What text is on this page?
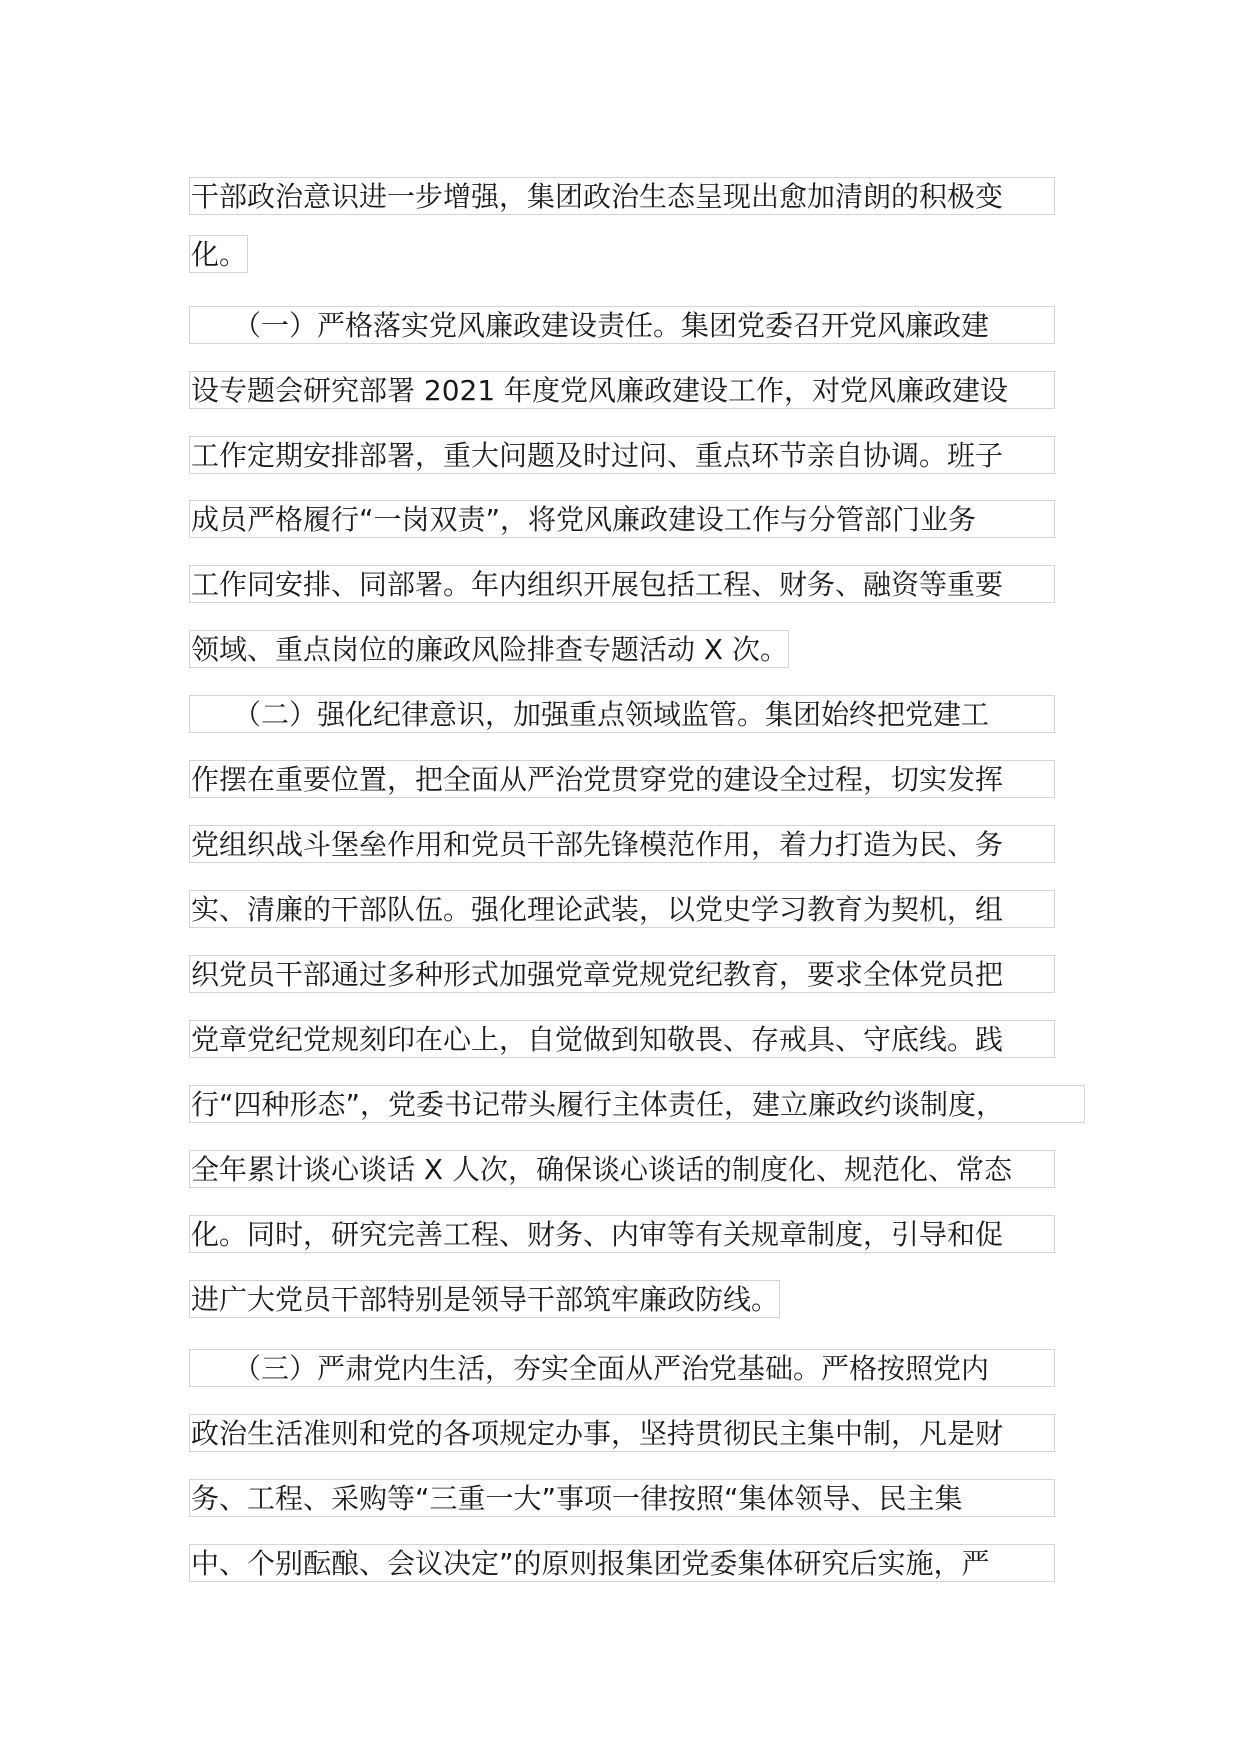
干部政治意识进一步增强，集团政治生态呈现出愈加清朗的积极变
化。
　　（一）严格落实党风廉政建设责任。集团党委召开党风廉政建
设专题会研究部署 2021 年度党风廉政建设工作，对党风廉政建设
工作定期安排部署，重大问题及时过问、重点环节亲自协调。班子
成员严格履行“一岗双责”，将党风廉政建设工作与分管部门业务
工作同安排、同部署。年内组织开展包括工程、财务、融资等重要
领域、重点岗位的廉政风险排查专题活动 X 次。
　　（二）强化纪律意识，加强重点领域监管。集团始终把党建工
作摆在重要位置，把全面从严治党贯穿党的建设全过程，切实发挥
党组织战斗堡垒作用和党员干部先锋模范作用，着力打造为民、务
实、清廉的干部队伍。强化理论武装，以党史学习教育为契机，组
织党员干部通过多种形式加强党章党规党纪教育，要求全体党员把
党章党纪党规刻印在心上，自觉做到知敬畏、存戒具、守底线。践
行“四种形态”，党委书记带头履行主体责任，建立廉政约谈制度，
全年累计谈心谈话 X 人次，确保谈心谈话的制度化、规范化、常态
化。同时，研究完善工程、财务、内审等有关规章制度，引导和促
进广大党员干部特别是领导干部筑牢廉政防线。
　　（三）严肃党内生活，夯实全面从严治党基础。严格按照党内
政治生活准则和党的各项规定办事，坚持贯彻民主集中制，凡是财
务、工程、采购等“三重一大”事项一律按照“集体领导、民主集
中、个别酝酿、会议决定”的原则报集团党委集体研究后实施，严
